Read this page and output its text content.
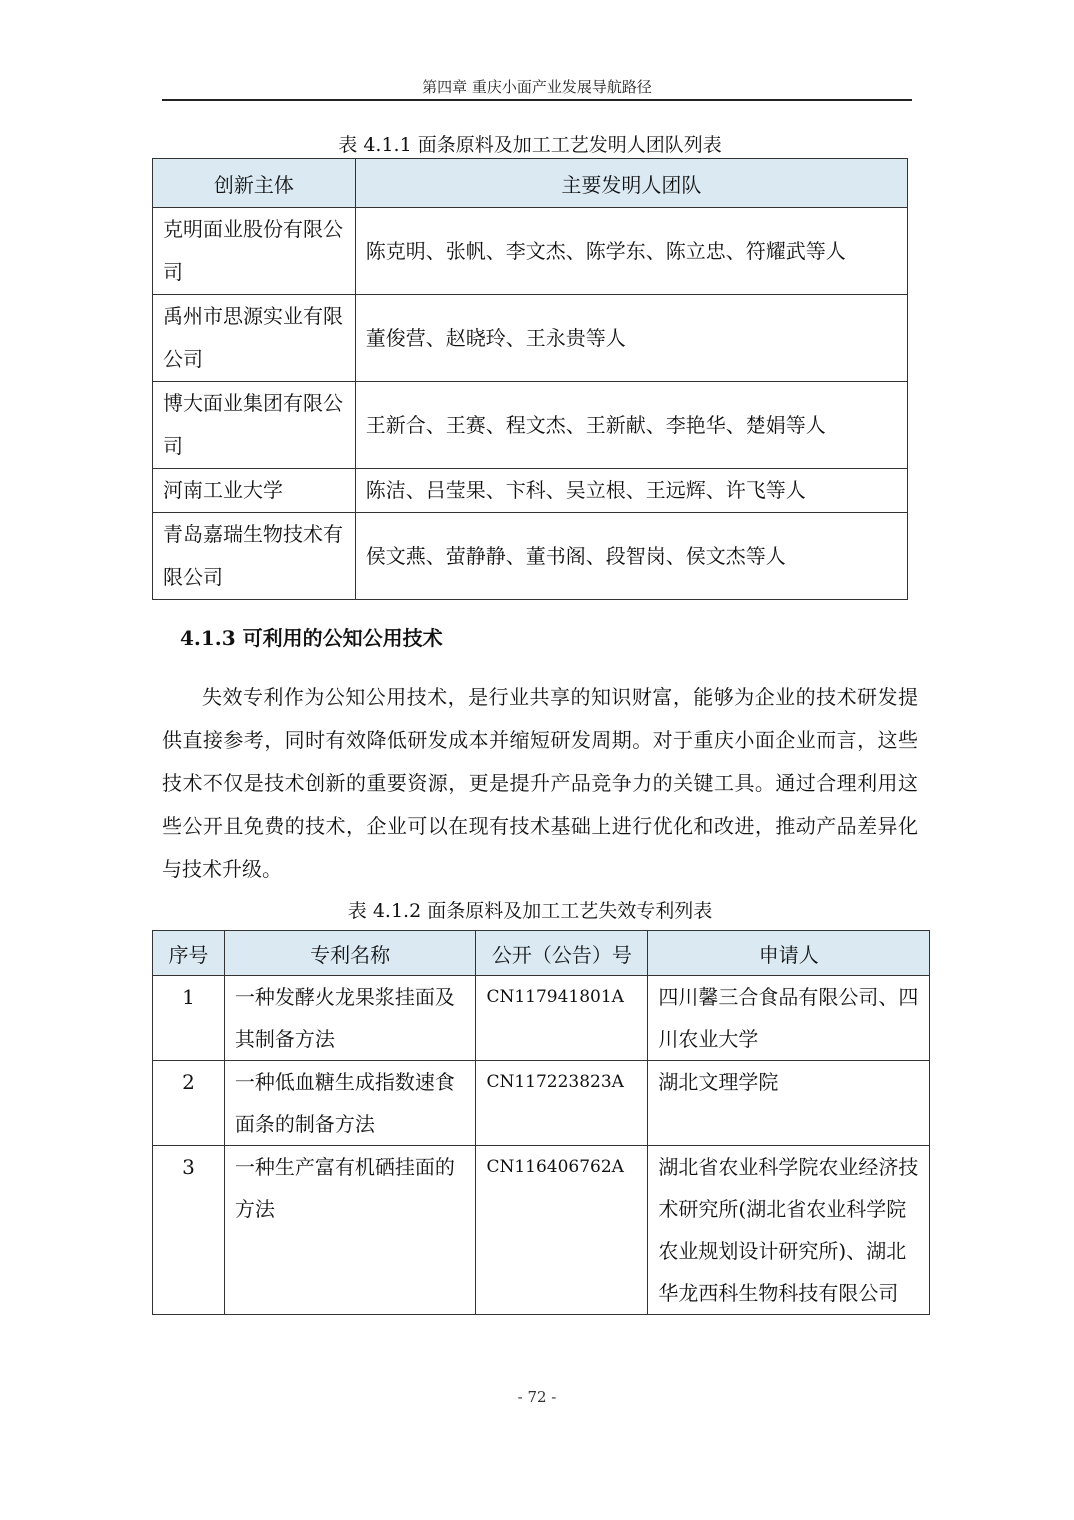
第四章 重庆小面产业发展导航路径
表 4.1.1 面条原料及加工工艺发明人团队列表
创新主体	主要发明人团队
克明面业股份有限公司	陈克明、张帆、李文杰、陈学东、陈立忠、符耀武等人
禹州市思源实业有限公司	董俊营、赵晓玲、王永贵等人
博大面业集团有限公司	王新合、王赛、程文杰、王新献、李艳华、楚娟等人
河南工业大学	陈洁、吕莹果、卞科、吴立根、王远辉、许飞等人
青岛嘉瑞生物技术有限公司	侯文燕、萤静静、董书阁、段智岗、侯文杰等人
4.1.3 可利用的公知公用技术

失效专利作为公知公用技术，是行业共享的知识财富，能够为企业的技术研发提供直接参考，同时有效降低研发成本并缩短研发周期。对于重庆小面企业而言，这些技术不仅是技术创新的重要资源，更是提升产品竞争力的关键工具。通过合理利用这些公开且免费的技术，企业可以在现有技术基础上进行优化和改进，推动产品差异化与技术升级。

表 4.1.2 面条原料及加工工艺失效专利列表
序号	专利名称	公开（公告）号	申请人
1	一种发酵火龙果浆挂面及其制备方法	CN117941801A	四川馨三合食品有限公司、四川农业大学
2	一种低血糖生成指数速食面条的制备方法	CN117223823A	湖北文理学院
3	一种生产富有机硒挂面的方法	CN116406762A	湖北省农业科学院农业经济技术研究所(湖北省农业科学院农业规划设计研究所)、湖北华龙西科生物科技有限公司
- 72 -
